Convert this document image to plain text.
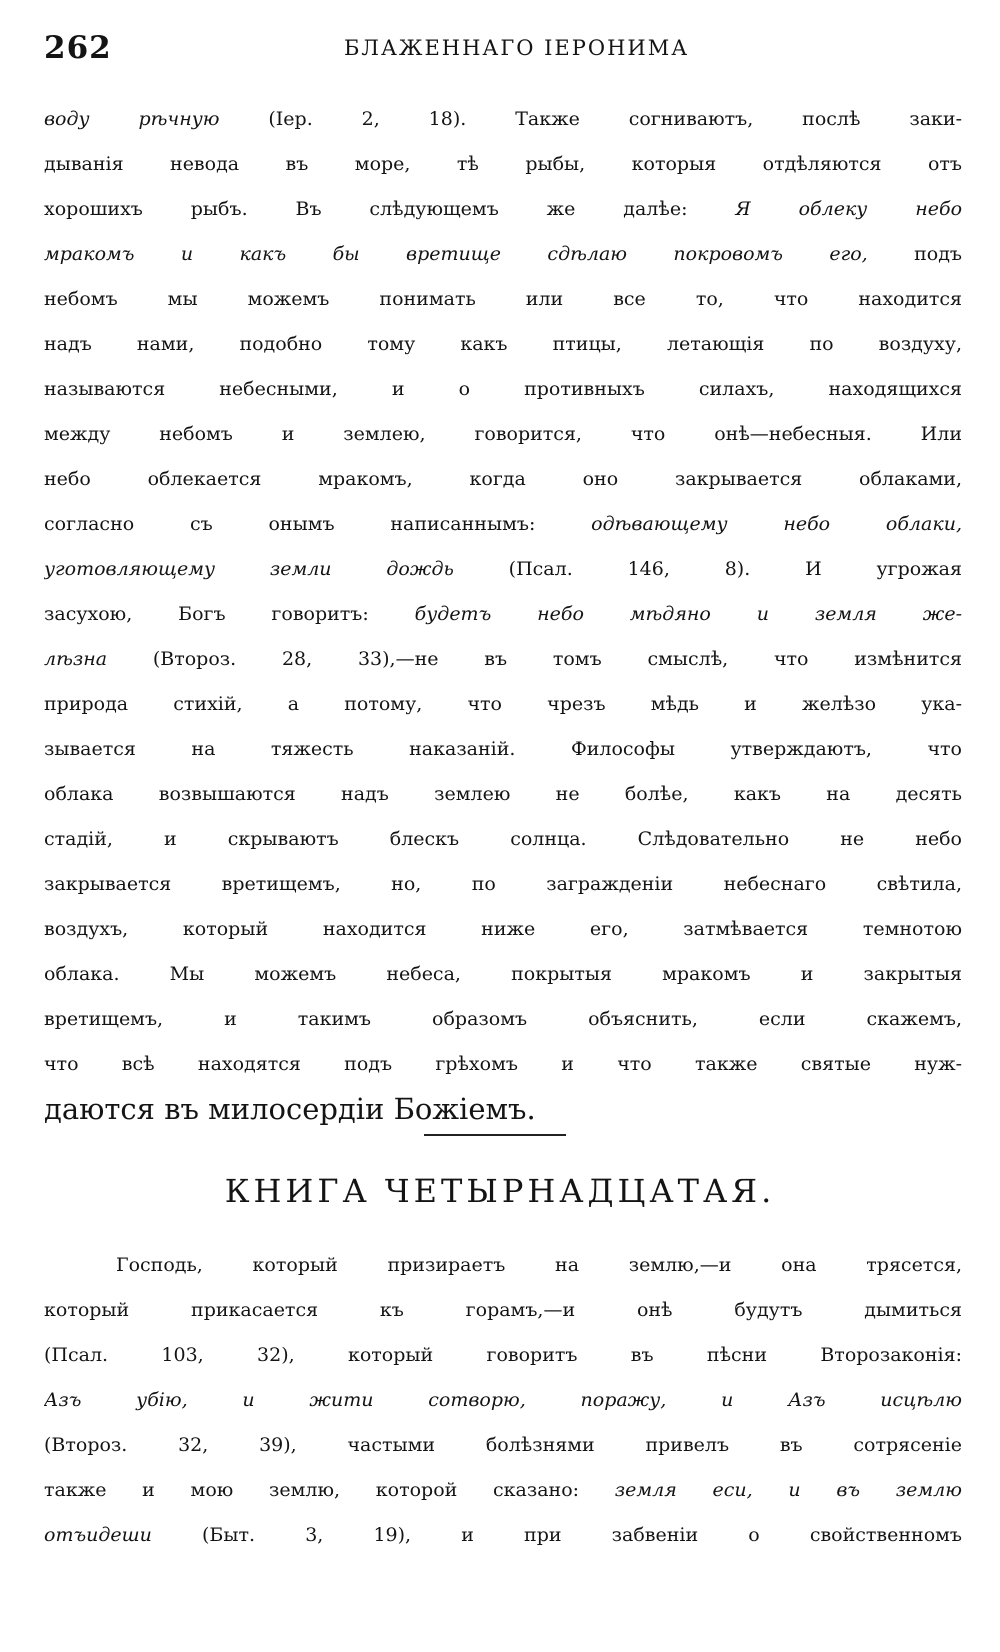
262	БЛАЖЕННАГО ІЕРОНИМА
воду рѣчную (Іер. 2, 18). Также согниваютъ, послѣ заки-
дыванія невода въ море, тѣ рыбы, которыя отдѣляются отъ
хорошихъ рыбъ. Въ слѣдующемъ же далѣе: Я облеку небо
мракомъ и какъ бы вретище сдѣлаю покровомъ его, подъ
небомъ мы можемъ понимать или все то, что находится
надъ нами, подобно тому какъ птицы, летающія по воздуху,
называются небесными, и о противныхъ силахъ, находящихся
между небомъ и землею, говорится, что онѣ—небесныя. Или
небо облекается мракомъ, когда оно закрывается облаками,
согласно съ онымъ написаннымъ: одѣвающему небо облаки,
уготовляющему земли дождь (Псал. 146, 8). И угрожая
засухою, Богъ говоритъ: будетъ небо мѣдяно и земля же-
лѣзна (Второз. 28, 33),—не въ томъ смыслѣ, что измѣнится
природа стихій, а потому, что чрезъ мѣдь и желѣзо ука-
зывается на тяжесть наказаній. Философы утверждаютъ, что
облака возвышаются надъ землею не болѣе, какъ на десять
стадій, и скрываютъ блескъ солнца. Слѣдовательно не небо
закрывается вретищемъ, но, по загражденіи небеснаго свѣтила,
воздухъ, который находится ниже его, затмѣвается темнотою
облака. Мы можемъ небеса, покрытыя мракомъ и закрытыя
вретищемъ, и такимъ образомъ объяснить, если скажемъ,
что всѣ находятся подъ грѣхомъ и что также святые нуж-
даются въ милосердіи Божіемъ.
КНИГА ЧЕТЫРНАДЦАТАЯ.
Господь, который призираетъ на землю,—и она трясется,
который прикасается къ горамъ,—и онѣ будутъ дымиться
(Псал. 103, 32), который говоритъ въ пѣсни Второзаконія:
Азъ убію, и жити сотворю, поражу, и Азъ исцѣлю
(Второз. 32, 39), частыми болѣзнями привелъ въ сотрясеніе
также и мою землю, которой сказано: земля еси, и въ землю
отъидеши (Быт. 3, 19), и при забвеніи о свойственномъ
